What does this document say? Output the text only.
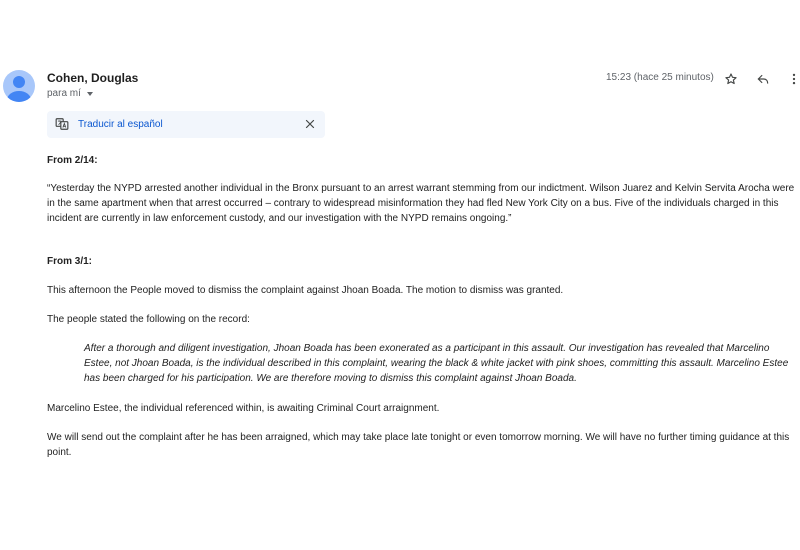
Cohen, Douglas
para mí
15:23 (hace 25 minutos)
Traducir al español

From 2/14:

“Yesterday the NYPD arrested another individual in the Bronx pursuant to an arrest warrant stemming from our indictment. Wilson Juarez and Kelvin Servita Arocha were in the same apartment when that arrest occurred – contrary to widespread misinformation they had fled New York City on a bus. Five of the individuals charged in this incident are currently in law enforcement custody, and our investigation with the NYPD remains ongoing.”

From 3/1:

This afternoon the People moved to dismiss the complaint against Jhoan Boada. The motion to dismiss was granted.

The people stated the following on the record:

After a thorough and diligent investigation, Jhoan Boada has been exonerated as a participant in this assault. Our investigation has revealed that Marcelino Estee, not Jhoan Boada, is the individual described in this complaint, wearing the black & white jacket with pink shoes, committing this assault. Marcelino Estee has been charged for his participation. We are therefore moving to dismiss this complaint against Jhoan Boada.

Marcelino Estee, the individual referenced within, is awaiting Criminal Court arraignment.

We will send out the complaint after he has been arraigned, which may take place late tonight or even tomorrow morning. We will have no further timing guidance at this point.
